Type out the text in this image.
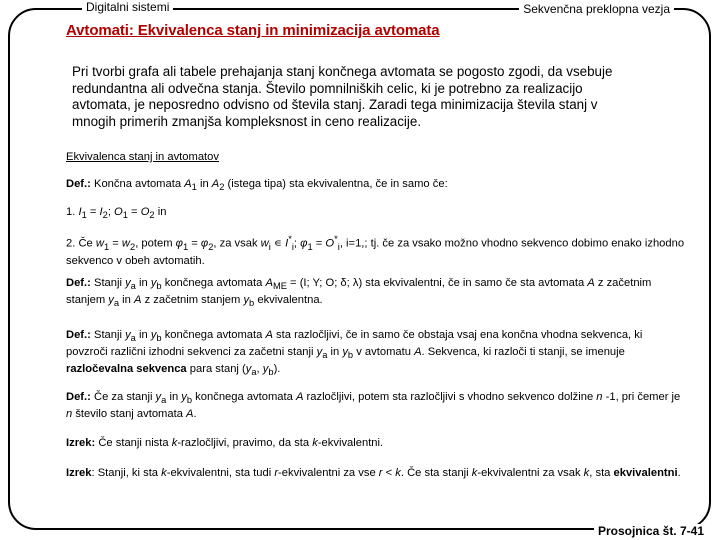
Digitalni sistemi	Sekvenčna preklopna vezja
Avtomati: Ekvivalenca stanj in minimizacija avtomata
Pri tvorbi grafa ali tabele prehajanja stanj končnega avtomata se pogosto zgodi, da vsebuje redundantna ali odvečna stanja. Število pomnilniških celic, ki je potrebno za realizacijo avtomata, je neposredno odvisno od števila stanj. Zaradi tega minimizacija števila stanj v mnogih primerih zmanjša kompleksnost in ceno realizacije.
Ekvivalenca stanj in avtomatov
Def.: Končna avtomata $A_1$ in $A_2$ (istega tipa) sta ekvivalentna, če in samo če:
1. $I_1 = I_2$; $O_1 = O_2$ in
2. Če $w_1 = w_2$, potem $\varphi_1 = \varphi_2$, za vsak $w_i$ ∊ $I^*_i$; $\varphi_1 = O^*_i$, i=1,; tj. če za vsako možno vhodno sekvenco dobimo enako izhodno sekvenco v obeh avtomatih.
Def.: Stanji $y_a$ in $y_b$ končnega avtomata $A_{ME} = (I$; Y; O; δ; λ) sta ekvivalentni, če in samo če sta avtomata A z začetnim stanjem $y_a$ in A z začetnim stanjem $y_b$ ekvivalentna.
Def.: Stanji $y_a$ in $y_b$ končnega avtomata A sta razločljivi, če in samo če obstaja vsaj ena končna vhodna sekvenca, ki povzroči različni izhodni sekvenci za začetni stanji $y_a$ in $y_b$ v avtomatu A. Sekvenca, ki razloči ti stanji, se imenuje razločevalna sekvenca para stanj ($y_a$, $y_b$).
Def.: Če za stanji $y_a$ in $y_b$ končnega avtomata A razločljivi, potem sta razločljivi s vhodno sekvenco dolžine n -1, pri čemer je n število stanj avtomata A.
Izrek: Če stanji nista k-razločljivi, pravimo, da sta k-ekvivalentni.
Izrek: Stanji, ki sta k-ekvivalentni, sta tudi r-ekvivalentni za vse r < k. Če sta stanji k-ekvivalentni za vsak k, sta ekvivalentni.
Prosojnica št. 7-41
